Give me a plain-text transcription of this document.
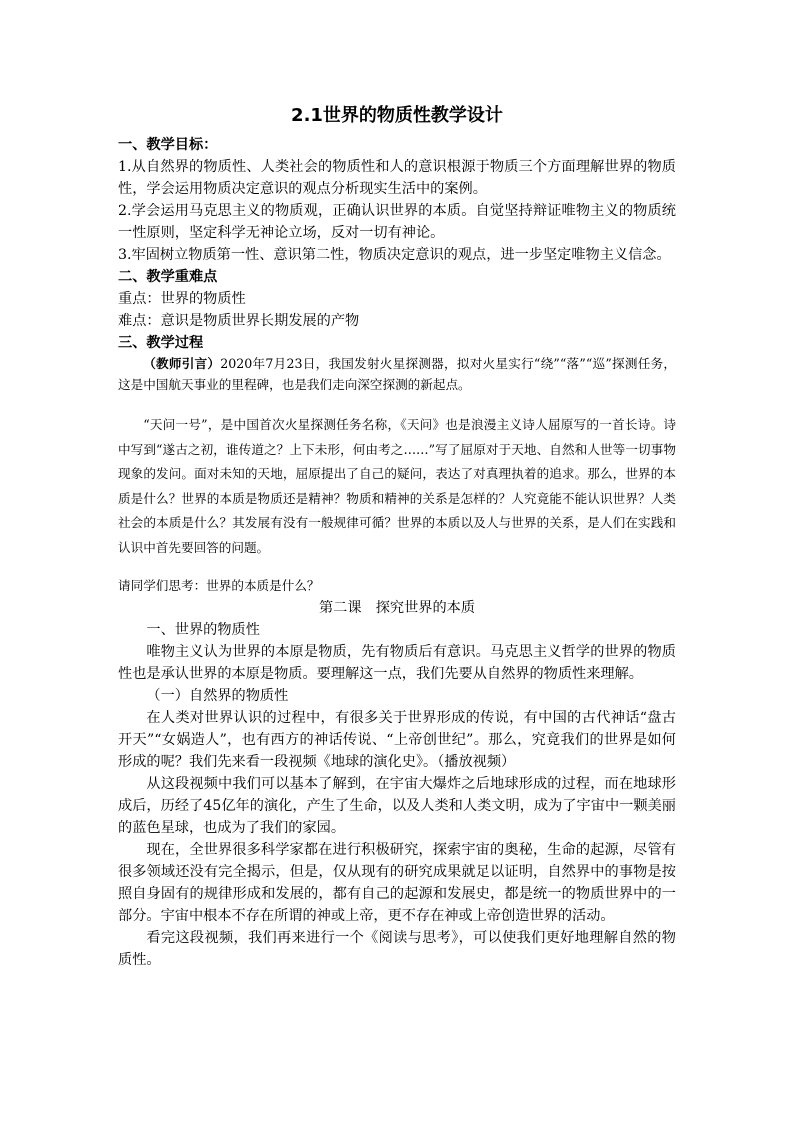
2.1世界的物质性教学设计
一、教学目标：

1.从自然界的物质性、人类社会的物质性和人的意识根源于物质三个方面理解世界的物质性，学会运用物质决定意识的观点分析现实生活中的案例。

2.学会运用马克思主义的物质观，正确认识世界的本质。自觉坚持辩证唯物主义的物质统一性原则，坚定科学无神论立场，反对一切有神论。

3.牢固树立物质第一性、意识第二性，物质决定意识的观点，进一步坚定唯物主义信念。

二、教学重难点

重点：世界的物质性

难点：意识是物质世界长期发展的产物

三、教学过程

（教师引言）2020年7月23日，我国发射火星探测器，拟对火星实行“绕”“落”“巡”探测任务，这是中国航天事业的里程碑，也是我们走向深空探测的新起点。

“天问一号”，是中国首次火星探测任务名称，《天问》也是浪漫主义诗人屈原写的一首长诗。诗中写到“遂古之初，谁传道之？上下未形，何由考之……”写了屈原对于天地、自然和人世等一切事物现象的发问。面对未知的天地，屈原提出了自己的疑问，表达了对真理执着的追求。那么，世界的本质是什么？世界的本质是物质还是精神？物质和精神的关系是怎样的？人究竟能不能认识世界？人类社会的本质是什么？其发展有没有一般规律可循？世界的本质以及人与世界的关系，是人们在实践和认识中首先要回答的问题。

请同学们思考：世界的本质是什么？

第二课　探究世界的本质

一、世界的物质性

唯物主义认为世界的本原是物质，先有物质后有意识。马克思主义哲学的世界的物质性也是承认世界的本原是物质。要理解这一点，我们先要从自然界的物质性来理解。

（一）自然界的物质性

在人类对世界认识的过程中，有很多关于世界形成的传说，有中国的古代神话“盘古开天”“女娲造人”，也有西方的神话传说、“上帝创世纪”。那么，究竟我们的世界是如何形成的呢？我们先来看一段视频《地球的演化史》。（播放视频）

从这段视频中我们可以基本了解到，在宇宙大爆炸之后地球形成的过程，而在地球形成后，历经了45亿年的演化，产生了生命，以及人类和人类文明，成为了宇宙中一颗美丽的蓝色星球，也成为了我们的家园。

现在，全世界很多科学家都在进行积极研究，探索宇宙的奥秘，生命的起源，尽管有很多领域还没有完全揭示，但是，仅从现有的研究成果就足以证明，自然界中的事物是按照自身固有的规律形成和发展的，都有自己的起源和发展史，都是统一的物质世界中的一部分。宇宙中根本不存在所谓的神或上帝，更不存在神或上帝创造世界的活动。

看完这段视频，我们再来进行一个《阅读与思考》，可以使我们更好地理解自然的物质性。
